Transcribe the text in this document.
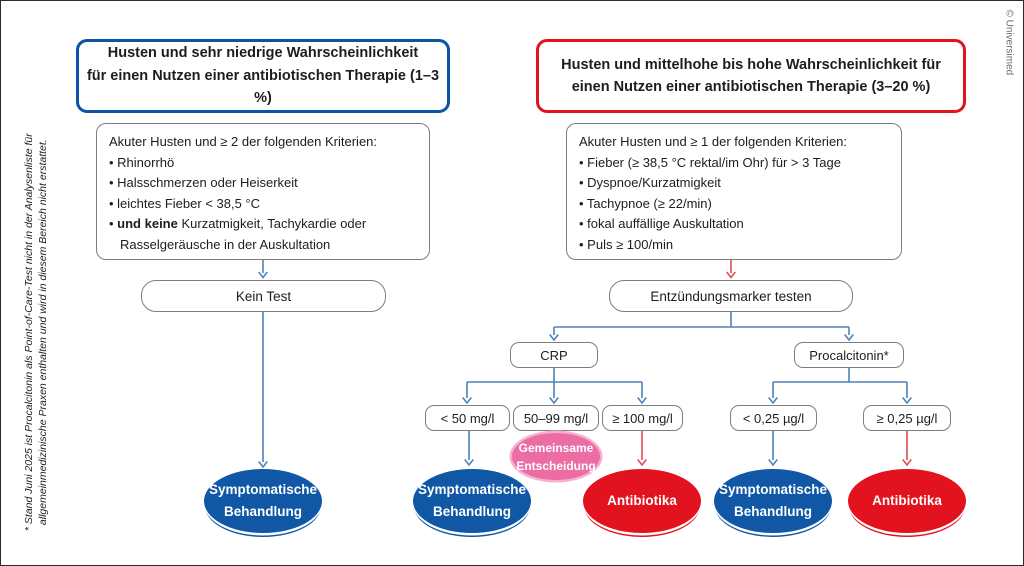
* Stand Juni 2025 ist Procalcitonin als Point-of-Care-Test nicht in der Analysenliste für allgemeinmedizinische Praxen enthalten und wird in diesem Bereich nicht erstattet.
© Universimed
Husten und sehr niedrige Wahrscheinlichkeit
für einen Nutzen einer antibiotischen Therapie (1–3 %)
Akuter Husten und ≥ 2 der folgenden Kriterien:
• Rhinorrhö
• Halsschmerzen oder Heiserkeit
• leichtes Fieber < 38,5 °C
• und keine Kurzatmigkeit, Tachykardie oder Rasselgeräusche in der Auskultation
Kein Test
Symptomatische
Behandlung
Husten und mittelhohe bis hohe Wahrscheinlichkeit für
einen Nutzen einer antibiotischen Therapie (3–20 %)
Akuter Husten und ≥ 1 der folgenden Kriterien:
• Fieber (≥ 38,5 °C rektal/im Ohr) für > 3 Tage
• Dyspnoe/Kurzatmigkeit
• Tachypnoe (≥ 22/min)
• fokal auffällige Auskultation
• Puls ≥ 100/min
Entzündungsmarker testen
CRP	Procalcitonin*
< 50 mg/l	50–99 mg/l	≥ 100 mg/l	< 0,25 µg/l	≥ 0,25 µg/l
Gemeinsame
Entscheidung
Symptomatische
Behandlung
Antibiotika
Symptomatische
Behandlung
Antibiotika
